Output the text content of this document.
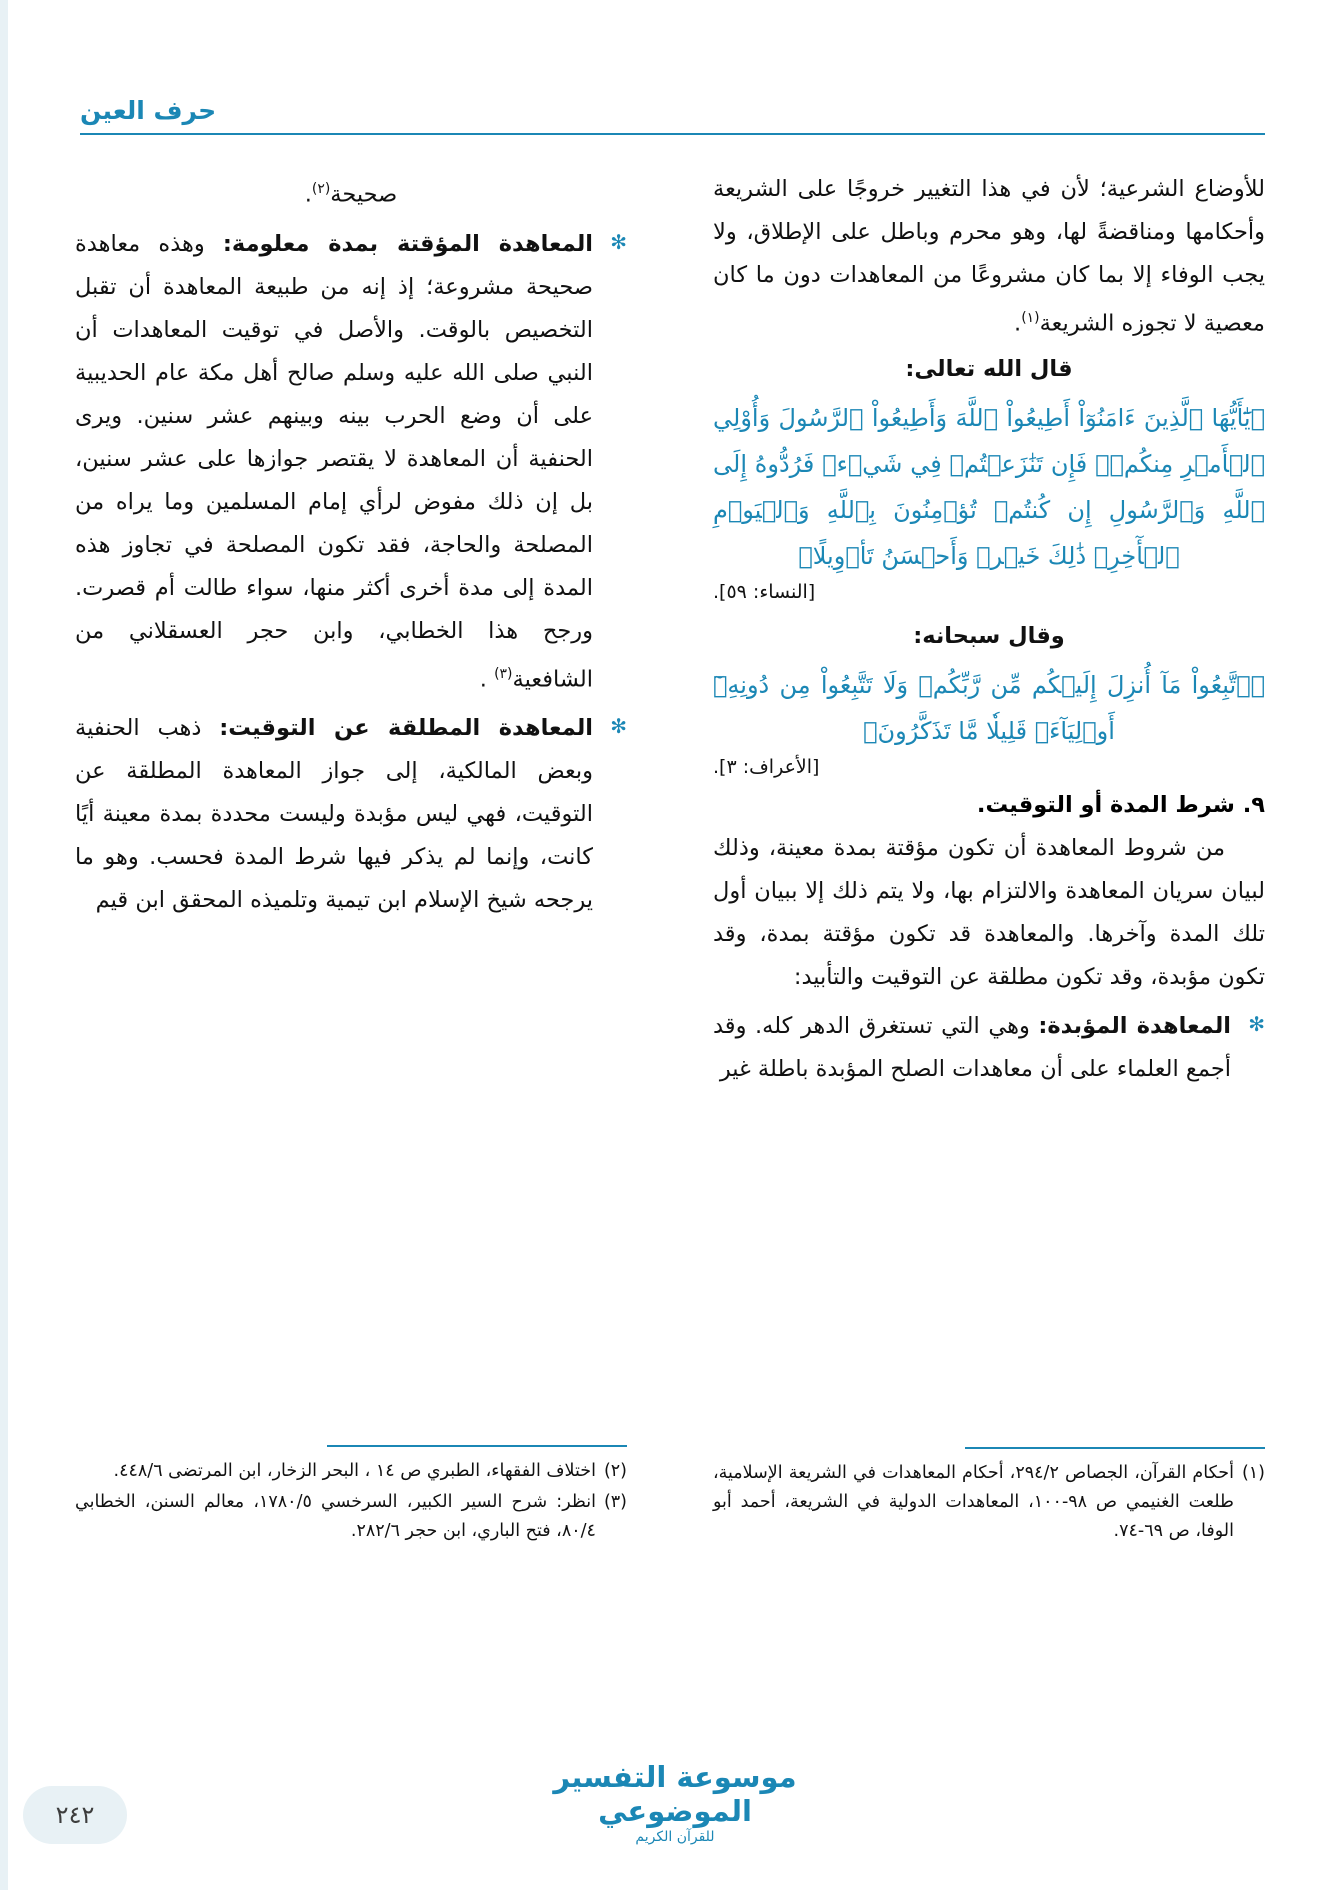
حرف العين

للأوضاع الشرعية؛ لأن في هذا التغيير خروجًا على الشريعة وأحكامها ومناقضةً لها، وهو محرم وباطل على الإطلاق، ولا يجب الوفاء إلا بما كان مشروعًا من المعاهدات دون ما كان معصية لا تجوزه الشريعة$^{(١)}$.

قال الله تعالى:

﴿يَٰٓأَيُّهَا ٱلَّذِينَ ءَامَنُوٓاْ أَطِيعُواْ ٱللَّهَ وَأَطِيعُواْ ٱلرَّسُولَ وَأُوْلِي ٱلۡأَمۡرِ مِنكُمۡۖ فَإِن تَنَٰزَعۡتُمۡ فِي شَيۡءٖ فَرُدُّوهُ إِلَى ٱللَّهِ وَٱلرَّسُولِ إِن كُنتُمۡ تُؤۡمِنُونَ بِٱللَّهِ وَٱلۡيَوۡمِ ٱلۡأٓخِرِۚ ذَٰلِكَ خَيۡرٞ وَأَحۡسَنُ تَأۡوِيلًا﴾
[النساء: ٥٩].

وقال سبحانه:

﴿ٱتَّبِعُواْ مَآ أُنزِلَ إِلَيۡكُم مِّن رَّبِّكُمۡ وَلَا تَتَّبِعُواْ مِن دُونِهِۦٓ أَوۡلِيَآءَۗ قَلِيلٗا مَّا تَذَكَّرُونَ﴾
[الأعراف: ٣].
٩. شرط المدة أو التوقيت.

من شروط المعاهدة أن تكون مؤقتة بمدة معينة، وذلك لبيان سريان المعاهدة والالتزام بها، ولا يتم ذلك إلا ببيان أول تلك المدة وآخرها. والمعاهدة قد تكون مؤقتة بمدة، وقد تكون مؤبدة، وقد تكون مطلقة عن التوقيت والتأبيد:

✻

المعاهدة المؤبدة: وهي التي تستغرق الدهر كله. وقد أجمع العلماء على أن معاهدات الصلح المؤبدة باطلة غير

(١)
أحكام القرآن، الجصاص ٢٩٤/٢، أحكام المعاهدات في الشريعة الإسلامية، طلعت الغنيمي ص ٩٨-١٠٠، المعاهدات الدولية في الشريعة، أحمد أبو الوفا، ص ٦٩-٧٤.

صحيحة$^{(٢)}$.

✻

المعاهدة المؤقتة بمدة معلومة: وهذه معاهدة صحيحة مشروعة؛ إذ إنه من طبيعة المعاهدة أن تقبل التخصيص بالوقت. والأصل في توقيت المعاهدات أن النبي صلى الله عليه وسلم صالح أهل مكة عام الحديبية على أن وضع الحرب بينه وبينهم عشر سنين. ويرى الحنفية أن المعاهدة لا يقتصر جوازها على عشر سنين، بل إن ذلك مفوض لرأي إمام المسلمين وما يراه من المصلحة والحاجة، فقد تكون المصلحة في تجاوز هذه المدة إلى مدة أخرى أكثر منها، سواء طالت أم قصرت. ورجح هذا الخطابي، وابن حجر العسقلاني من الشافعية$^{(٣)}$ .

✻

المعاهدة المطلقة عن التوقيت: ذهب الحنفية وبعض المالكية، إلى جواز المعاهدة المطلقة عن التوقيت، فهي ليس مؤبدة وليست محددة بمدة معينة أيًا كانت، وإنما لم يذكر فيها شرط المدة فحسب. وهو ما يرجحه شيخ الإسلام ابن تيمية وتلميذه المحقق ابن قيم

(٢)
اختلاف الفقهاء، الطبري ص ١٤ ، البحر الزخار، ابن المرتضى ٤٤٨/٦.
(٣)
انظر: شرح السير الكبير، السرخسي ١٧٨٠/٥، معالم السنن، الخطابي ٨٠/٤، فتح الباري، ابن حجر ٢٨٢/٦.
موسوعة التفسير الموضوعي
للقرآن الكريم
٢٤٢
